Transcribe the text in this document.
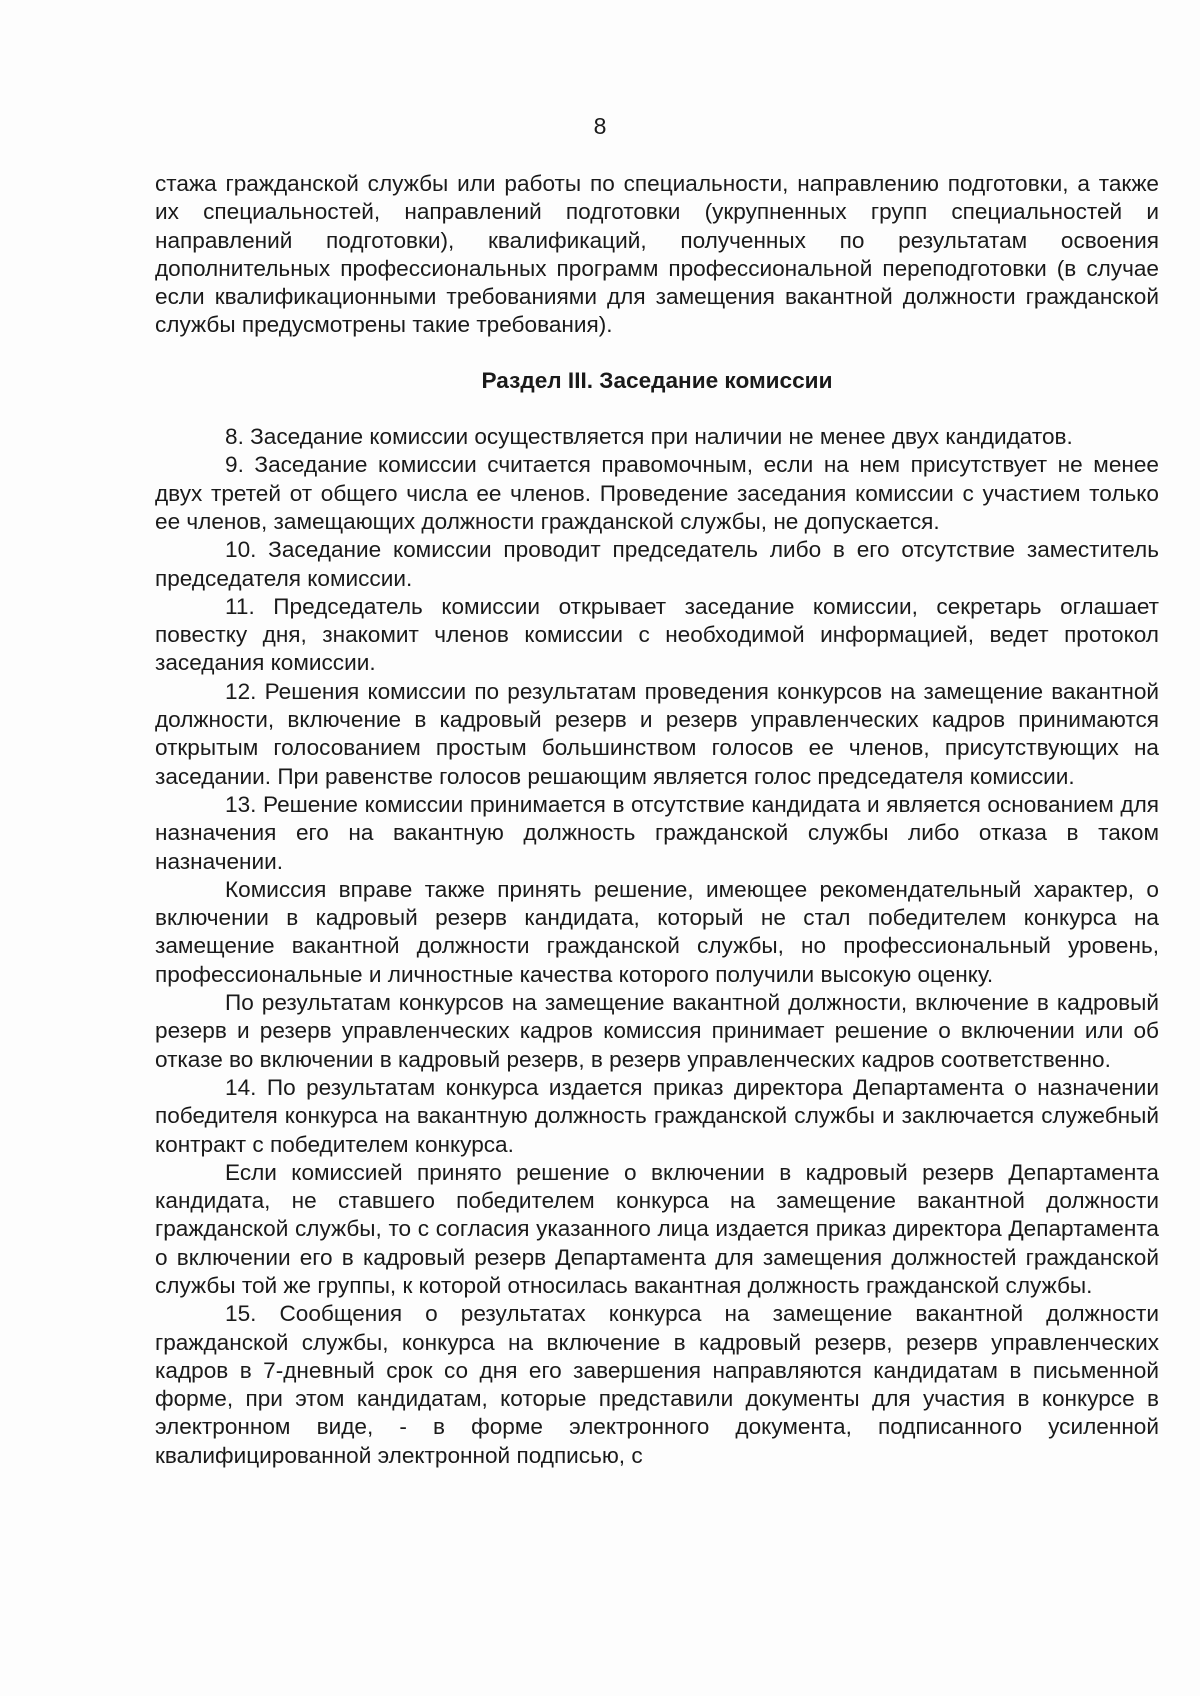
8

стажа гражданской службы или работы по специальности, направлению подготовки, а также их специальностей, направлений подготовки (укрупненных групп специальностей и направлений подготовки), квалификаций, полученных по результатам освоения дополнительных профессиональных программ профессиональной переподготовки (в случае если квалификационными требованиями для замещения вакантной должности гражданской службы предусмотрены такие требования).

Раздел III. Заседание комиссии

8. Заседание комиссии осуществляется при наличии не менее двух кандидатов.

9. Заседание комиссии считается правомочным, если на нем присутствует не менее двух третей от общего числа ее членов. Проведение заседания комиссии с участием только ее членов, замещающих должности гражданской службы, не допускается.

10. Заседание комиссии проводит председатель либо в его отсутствие заместитель председателя комиссии.

11. Председатель комиссии открывает заседание комиссии, секретарь оглашает повестку дня, знакомит членов комиссии с необходимой информацией, ведет протокол заседания комиссии.

12. Решения комиссии по результатам проведения конкурсов на замещение вакантной должности, включение в кадровый резерв и резерв управленческих кадров принимаются открытым голосованием простым большинством голосов ее членов, присутствующих на заседании. При равенстве голосов решающим является голос председателя комиссии.

13. Решение комиссии принимается в отсутствие кандидата и является основанием для назначения его на вакантную должность гражданской службы либо отказа в таком назначении.

Комиссия вправе также принять решение, имеющее рекомендательный характер, о включении в кадровый резерв кандидата, который не стал победителем конкурса на замещение вакантной должности гражданской службы, но профессиональный уровень, профессиональные и личностные качества которого получили высокую оценку.

По результатам конкурсов на замещение вакантной должности, включение в кадровый резерв и резерв управленческих кадров комиссия принимает решение о включении или об отказе во включении в кадровый резерв, в резерв управленческих кадров соответственно.

14. По результатам конкурса издается приказ директора Департамента о назначении победителя конкурса на вакантную должность гражданской службы и заключается служебный контракт с победителем конкурса.

Если комиссией принято решение о включении в кадровый резерв Департамента кандидата, не ставшего победителем конкурса на замещение вакантной должности гражданской службы, то с согласия указанного лица издается приказ директора Департамента о включении его в кадровый резерв Департамента для замещения должностей гражданской службы той же группы, к которой относилась вакантная должность гражданской службы.

15. Сообщения о результатах конкурса на замещение вакантной должности гражданской службы, конкурса на включение в кадровый резерв, резерв управленческих кадров в 7-дневный срок со дня его завершения направляются кандидатам в письменной форме, при этом кандидатам, которые представили документы для участия в конкурсе в электронном виде, - в форме электронного документа, подписанного усиленной квалифицированной электронной подписью, с
